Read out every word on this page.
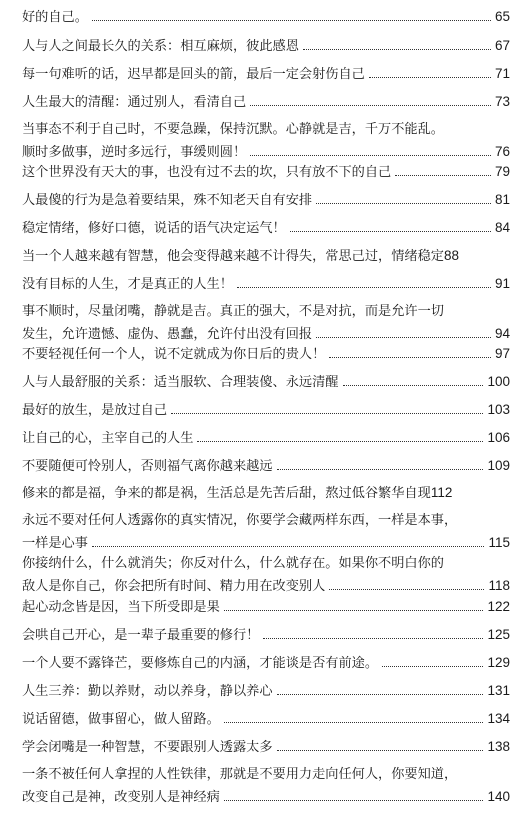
好的自己。	65
人与人之间最长久的关系：相互麻烦，彼此感恩	67
每一句难听的话，迟早都是回头的箭，最后一定会射伤自己	71
人生最大的清醒：通过别人，看清自己	73
当事态不利于自己时，不要急躁，保持沉默。心静就是吉，千万不能乱。
顺时多做事，逆时多远行，事缓则圆！	76
这个世界没有天大的事，也没有过不去的坎，只有放不下的自己	79
人最傻的行为是急着要结果，殊不知老天自有安排	81
稳定情绪，修好口德，说话的语气决定运气！	84
当一个人越来越有智慧，他会变得越来越不计得失，常思己过，情绪稳定 88
没有目标的人生，才是真正的人生！	91
事不顺时，尽量闭嘴，静就是吉。真正的强大，不是对抗，而是允许一切
发生，允许遗憾、虚伪、愚蠢，允许付出没有回报	94
不要轻视任何一个人，说不定就成为你日后的贵人！	97
人与人最舒服的关系：适当服软、合理装傻、永远清醒	100
最好的放生，是放过自己	103
让自己的心，主宰自己的人生	106
不要随便可怜别人，否则福气离你越来越远	109
修来的都是福，争来的都是祸，生活总是先苦后甜，熬过低谷繁华自现 112
永远不要对任何人透露你的真实情况，你要学会藏两样东西，一样是本事，
一样是心事	115
你接纳什么，什么就消失；你反对什么，什么就存在。如果你不明白你的
敌人是你自己，你会把所有时间、精力用在改变别人	118
起心动念皆是因，当下所受即是果	122
会哄自己开心，是一辈子最重要的修行！	125
一个人要不露锋芒，要修炼自己的内涵，才能谈是否有前途。	129
人生三养：勤以养财，动以养身，静以养心	131
说话留德，做事留心，做人留路。	134
学会闭嘴是一种智慧，不要跟别人透露太多	138
一条不被任何人拿捏的人性铁律，那就是不要用力走向任何人，你要知道，
改变自己是神，改变别人是神经病	140
